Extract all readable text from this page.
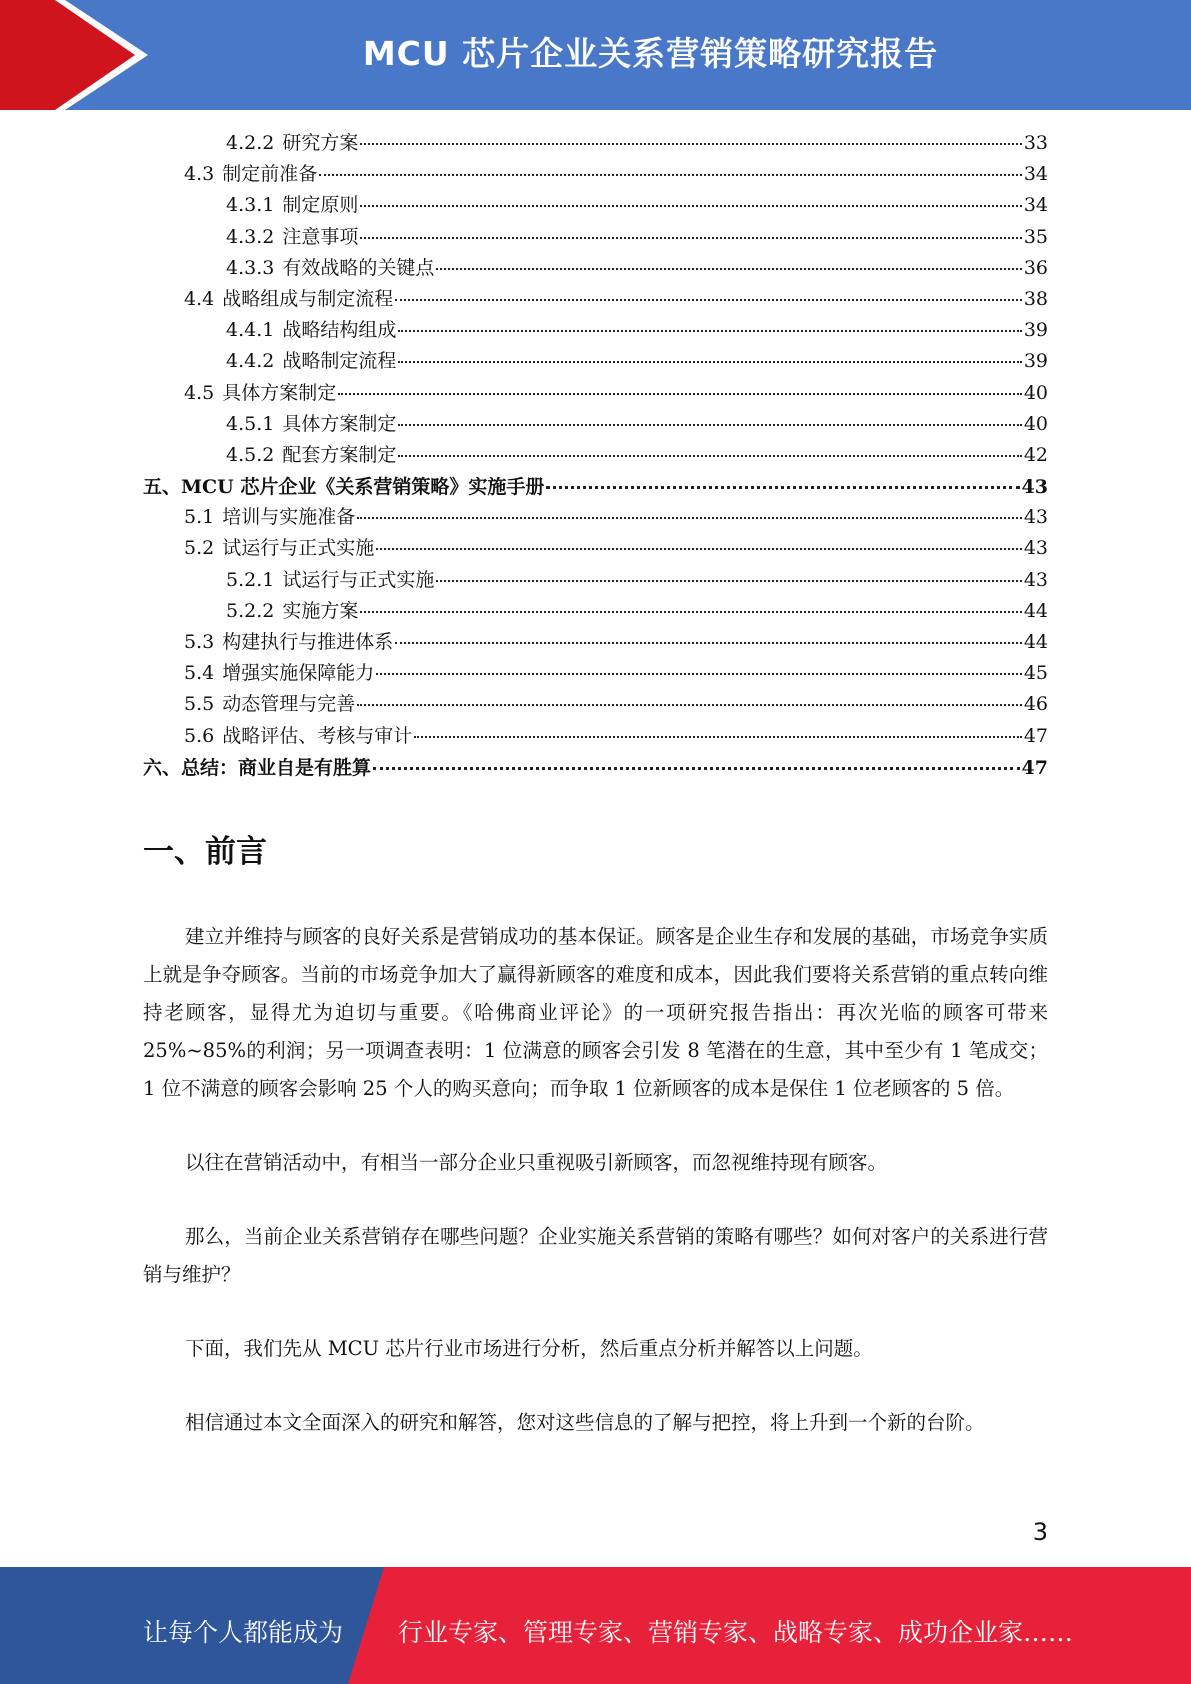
MCU 芯片企业关系营销策略研究报告
4.2.2 研究方案	33
4.3 制定前准备	34
4.3.1 制定原则	34
4.3.2 注意事项	35
4.3.3 有效战略的关键点	36
4.4 战略组成与制定流程	38
4.4.1 战略结构组成	39
4.4.2 战略制定流程	39
4.5 具体方案制定	40
4.5.1 具体方案制定	40
4.5.2 配套方案制定	42
五、MCU 芯片企业《关系营销策略》实施手册	43
5.1 培训与实施准备	43
5.2 试运行与正式实施	43
5.2.1 试运行与正式实施	43
5.2.2 实施方案	44
5.3 构建执行与推进体系	44
5.4 增强实施保障能力	45
5.5 动态管理与完善	46
5.6 战略评估、考核与审计	47
六、总结：商业自是有胜算	47
一、前言

建立并维持与顾客的良好关系是营销成功的基本保证。顾客是企业生存和发展的基础，市场竞争实质上就是争夺顾客。当前的市场竞争加大了赢得新顾客的难度和成本，因此我们要将关系营销的重点转向维持老顾客，显得尤为迫切与重要。《哈佛商业评论》的一项研究报告指出：再次光临的顾客可带来 25%~85%的利润；另一项调查表明：1 位满意的顾客会引发 8 笔潜在的生意，其中至少有 1 笔成交；1 位不满意的顾客会影响 25 个人的购买意向；而争取 1 位新顾客的成本是保住 1 位老顾客的 5 倍。

以往在营销活动中，有相当一部分企业只重视吸引新顾客，而忽视维持现有顾客。

那么，当前企业关系营销存在哪些问题？企业实施关系营销的策略有哪些？如何对客户的关系进行营销与维护？

下面，我们先从 MCU 芯片行业市场进行分析，然后重点分析并解答以上问题。

相信通过本文全面深入的研究和解答，您对这些信息的了解与把控，将上升到一个新的台阶。

3
让每个人都能成为 行业专家、管理专家、营销专家、战略专家、成功企业家……
